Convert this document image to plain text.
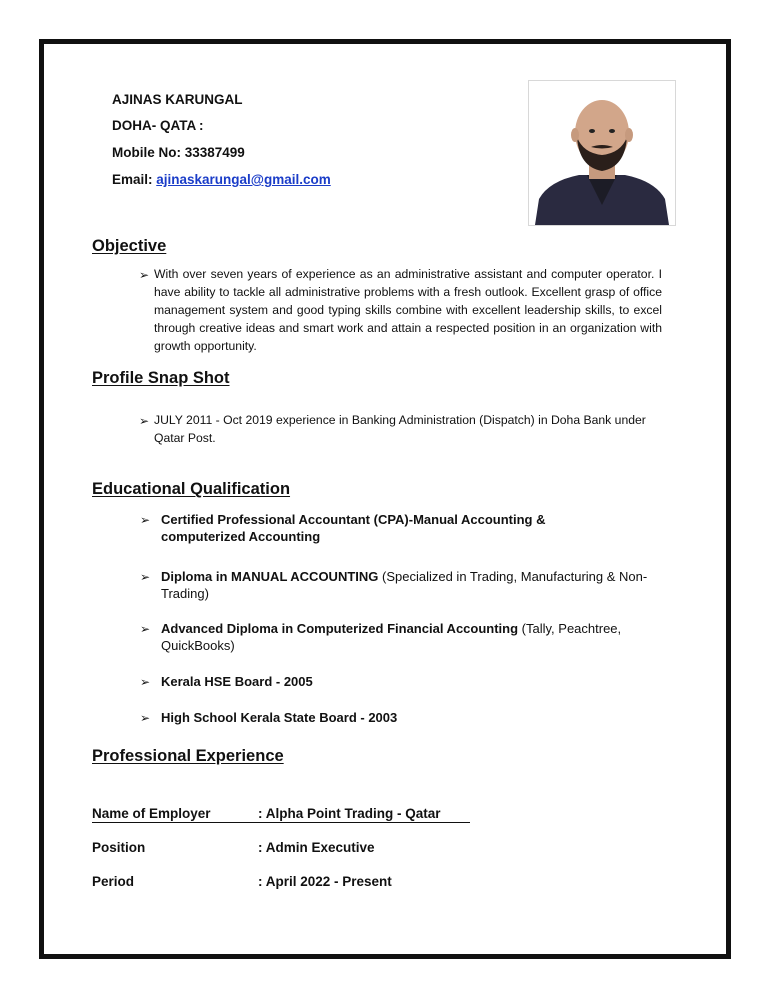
AJINAS KARUNGAL
DOHA- QATA :
Mobile No: 33387499
Email: ajinaskarungal@gmail.com
Objective
➢ With over seven years of experience as an administrative assistant and computer operator. I have ability to tackle all administrative problems with a fresh outlook. Excellent grasp of office management system and good typing skills combine with excellent leadership skills, to excel through creative ideas and smart work and attain a respected position in an organization with growth opportunity.
Profile Snap Shot
➢ JULY 2011 - Oct 2019 experience in Banking Administration (Dispatch) in Doha Bank under Qatar Post.
Educational Qualification
➢ Certified Professional Accountant (CPA)-Manual Accounting & computerized Accounting
➢ Diploma in MANUAL ACCOUNTING (Specialized in Trading, Manufacturing & Non-Trading)
➢ Advanced Diploma in Computerized Financial Accounting (Tally, Peachtree, QuickBooks)
➢ Kerala HSE Board - 2005
➢ High School Kerala State Board - 2003
Professional Experience
Name of Employer	: Alpha Point Trading - Qatar
Position	: Admin Executive
Period	: April 2022 - Present
